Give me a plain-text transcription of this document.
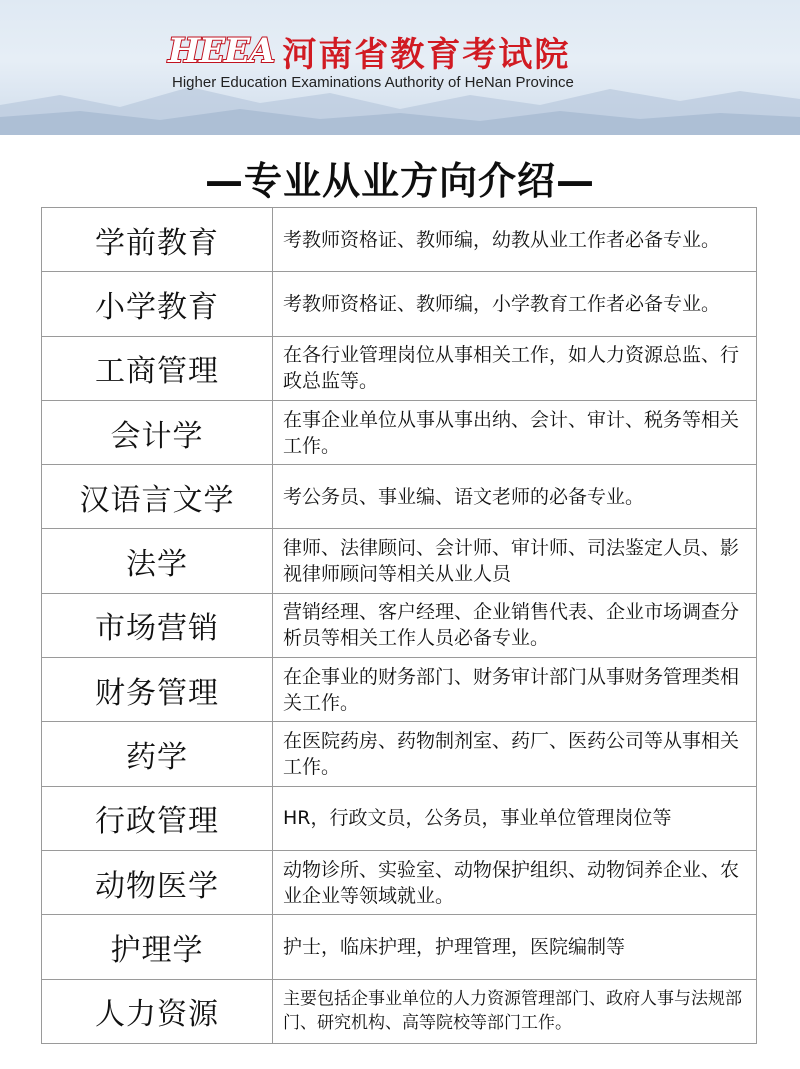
HEEA 河南省教育考试院
Higher Education Examinations Authority of HeNan Province
—专业从业方向介绍—
学前教育	考教师资格证、教师编，幼教从业工作者必备专业。
小学教育	考教师资格证、教师编，小学教育工作者必备专业。
工商管理	在各行业管理岗位从事相关工作，如人力资源总监、行政总监等。
会计学	在事企业单位从事从事出纳、会计、审计、税务等相关工作。
汉语言文学	考公务员、事业编、语文老师的必备专业。
法学	律师、法律顾问、会计师、审计师、司法鉴定人员、影视律师顾问等相关从业人员
市场营销	营销经理、客户经理、企业销售代表、企业市场调查分析员等相关工作人员必备专业。
财务管理	在企事业的财务部门、财务审计部门从事财务管理类相关工作。
药学	在医院药房、药物制剂室、药厂、医药公司等从事相关工作。
行政管理	HR，行政文员，公务员，事业单位管理岗位等
动物医学	动物诊所、实验室、动物保护组织、动物饲养企业、农业企业等领域就业。
护理学	护士，临床护理，护理管理，医院编制等
人力资源	主要包括企事业单位的人力资源管理部门、政府人事与法规部门、研究机构、高等院校等部门工作。
